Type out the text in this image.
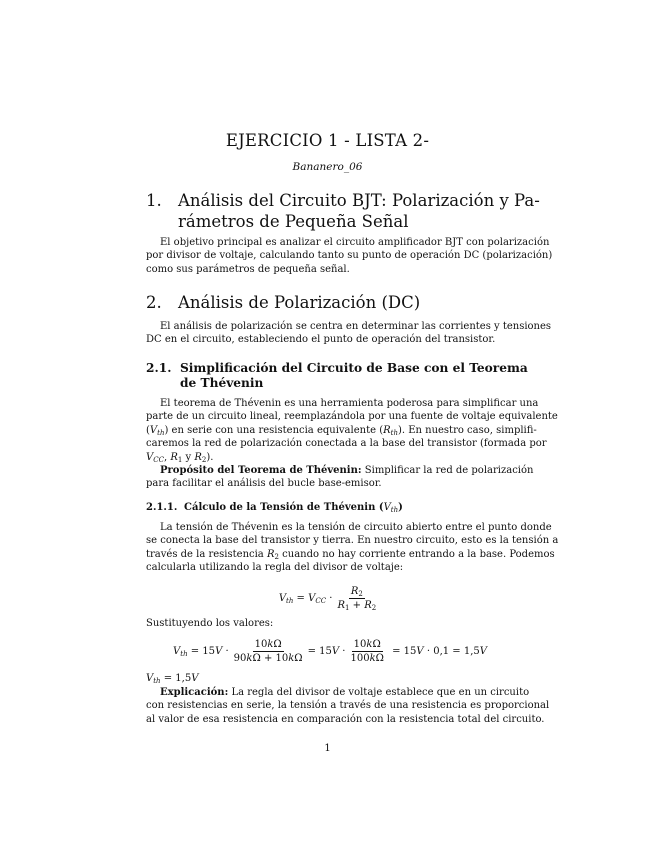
EJERCICIO 1 - LISTA 2-
Bananero_06
1. Análisis del Circuito BJT: Polarización y Pa-
rámetros de Pequeña Señal
El objetivo principal es analizar el circuito amplificador BJT con polarización
por divisor de voltaje, calculando tanto su punto de operación DC (polarización)
como sus parámetros de pequeña señal.
2. Análisis de Polarización (DC)
El análisis de polarización se centra en determinar las corrientes y tensiones
DC en el circuito, estableciendo el punto de operación del transistor.
2.1. Simplificación del Circuito de Base con el Teorema
de Thévenin
El teorema de Thévenin es una herramienta poderosa para simplificar una
parte de un circuito lineal, reemplazándola por una fuente de voltaje equivalente
$(V_{th})$ en serie con una resistencia equivalente $(R_{th})$. En nuestro caso, simplifi-
caremos la red de polarización conectada a la base del transistor (formada por
$V_{CC}$, $R_1$ y $R_2$).
Propósito del Teorema de Thévenin: Simplificar la red de polarización
para facilitar el análisis del bucle base-emisor.
2.1.1. Cálculo de la Tensión de Thévenin $(V_{th})$
La tensión de Thévenin es la tensión de circuito abierto entre el punto donde
se conecta la base del transistor y tierra. En nuestro circuito, esto es la tensión a
través de la resistencia $R_2$ cuando no hay corriente entrando a la base. Podemos
calcularla utilizando la regla del divisor de voltaje:
$V_{th} = V_{CC} \cdot \frac{R_2}{R_1 + R_2}$
Sustituyendo los valores:
$V_{th} = 15V \cdot \frac{10k\Omega}{90k\Omega + 10k\Omega} = 15V \cdot \frac{10k\Omega}{100k\Omega} = 15V \cdot 0,1 = 1,5V$
$V_{th} = 1,5V$
Explicación: La regla del divisor de voltaje establece que en un circuito
con resistencias en serie, la tensión a través de una resistencia es proporcional
al valor de esa resistencia en comparación con la resistencia total del circuito.
1
